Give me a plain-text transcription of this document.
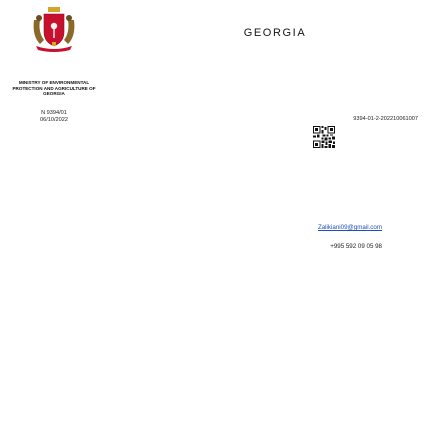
MINISTRY OF ENVIRONMENTAL PROTECTION AND AGRICULTURE OF GEORGIA
N 9394/01
06/10/2022
GEORGIA
9394-01-2-202210061007
Zalikiani09@gmail.com
+995 592 09 05 98
